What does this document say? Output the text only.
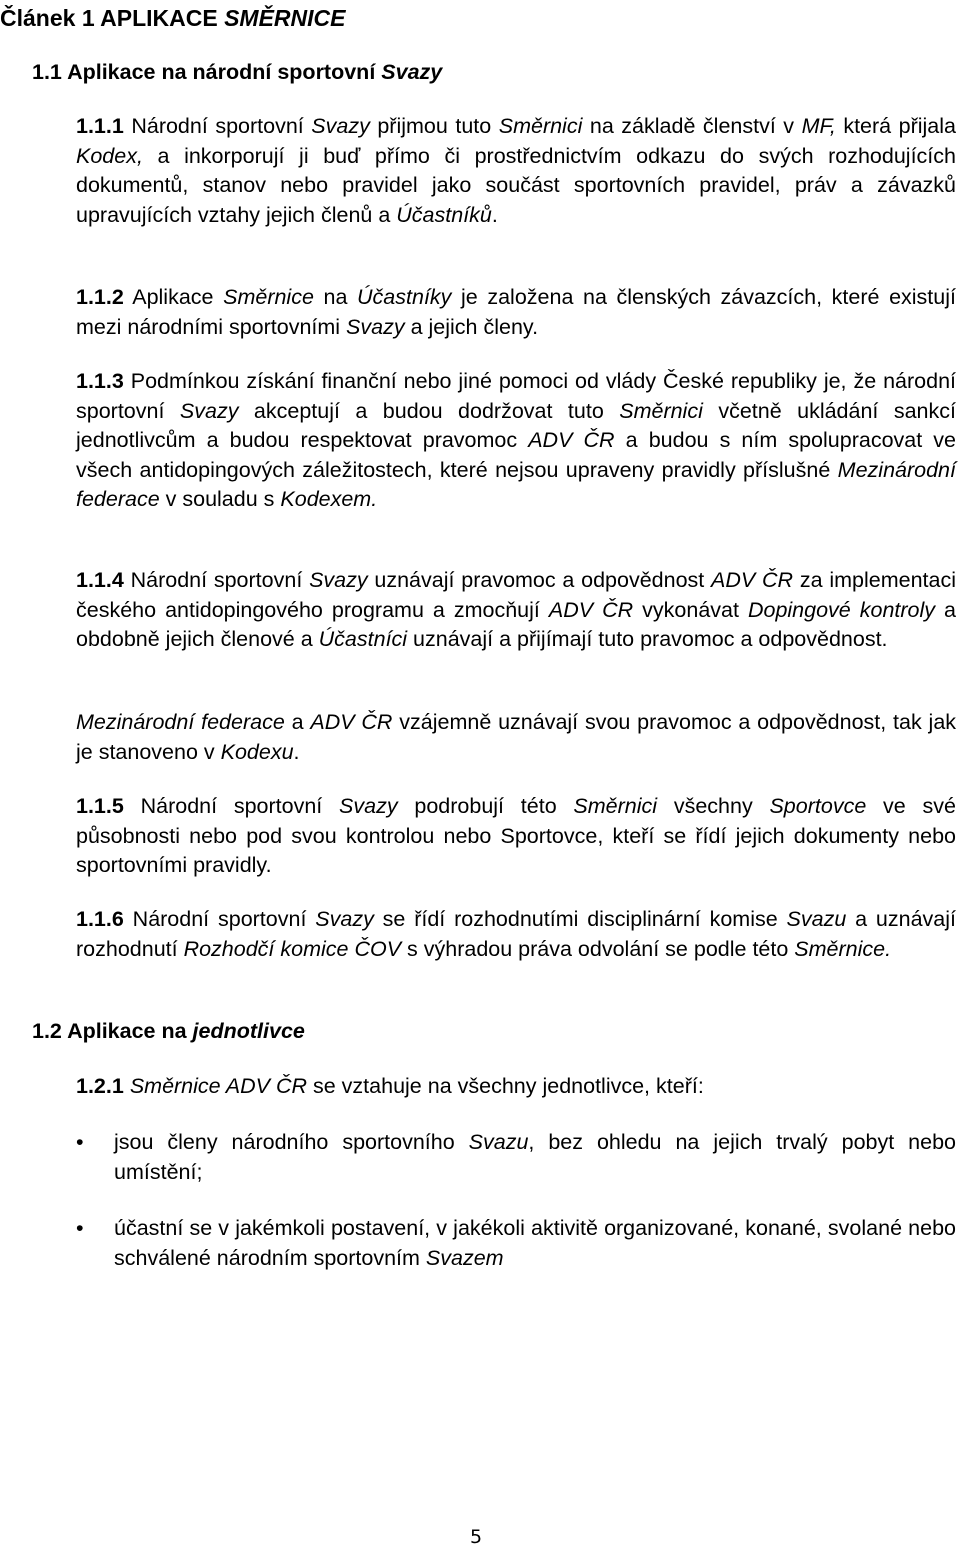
Článek 1 APLIKACE SMĚRNICE
1.1 Aplikace na národní sportovní Svazy

1.1.1 Národní sportovní Svazy přijmou tuto Směrnici na základě členství v MF, která přijala Kodex, a inkorporují ji buď přímo či prostřednictvím odkazu do svých rozhodujících dokumentů, stanov nebo pravidel jako součást sportovních pravidel, práv a závazků upravujících vztahy jejich členů a Účastníků.

1.1.2 Aplikace Směrnice na Účastníky je založena na členských závazcích, které existují mezi národními sportovními Svazy a jejich členy.

1.1.3 Podmínkou získání finanční nebo jiné pomoci od vlády České republiky je, že národní sportovní Svazy akceptují a budou dodržovat tuto Směrnici včetně ukládání sankcí jednotlivcům a budou respektovat pravomoc ADV ČR a budou s ním spolupracovat ve všech antidopingových záležitostech, které nejsou upraveny pravidly příslušné Mezinárodní federace v souladu s Kodexem.

1.1.4 Národní sportovní Svazy uznávají pravomoc a odpovědnost ADV ČR za implementaci českého antidopingového programu a zmocňují ADV ČR vykonávat Dopingové kontroly a obdobně jejich členové a Účastníci uznávají a přijímají tuto pravomoc a odpovědnost.

Mezinárodní federace a ADV ČR vzájemně uznávají svou pravomoc a odpovědnost, tak jak je stanoveno v Kodexu.

1.1.5 Národní sportovní Svazy podrobují této Směrnici všechny Sportovce ve své působnosti nebo pod svou kontrolou nebo Sportovce, kteří se řídí jejich dokumenty nebo sportovními pravidly.

1.1.6 Národní sportovní Svazy se řídí rozhodnutími disciplinární komise Svazu a uznávají rozhodnutí Rozhodčí komice ČOV s výhradou práva odvolání se podle této Směrnice.

1.2 Aplikace na jednotlivce

1.2.1 Směrnice ADV ČR se vztahuje na všechny jednotlivce, kteří:

• jsou členy národního sportovního Svazu, bez ohledu na jejich trvalý pobyt nebo umístění;

• účastní se v jakémkoli postavení, v jakékoli aktivitě organizované, konané, svolané nebo schválené národním sportovním Svazem

5
